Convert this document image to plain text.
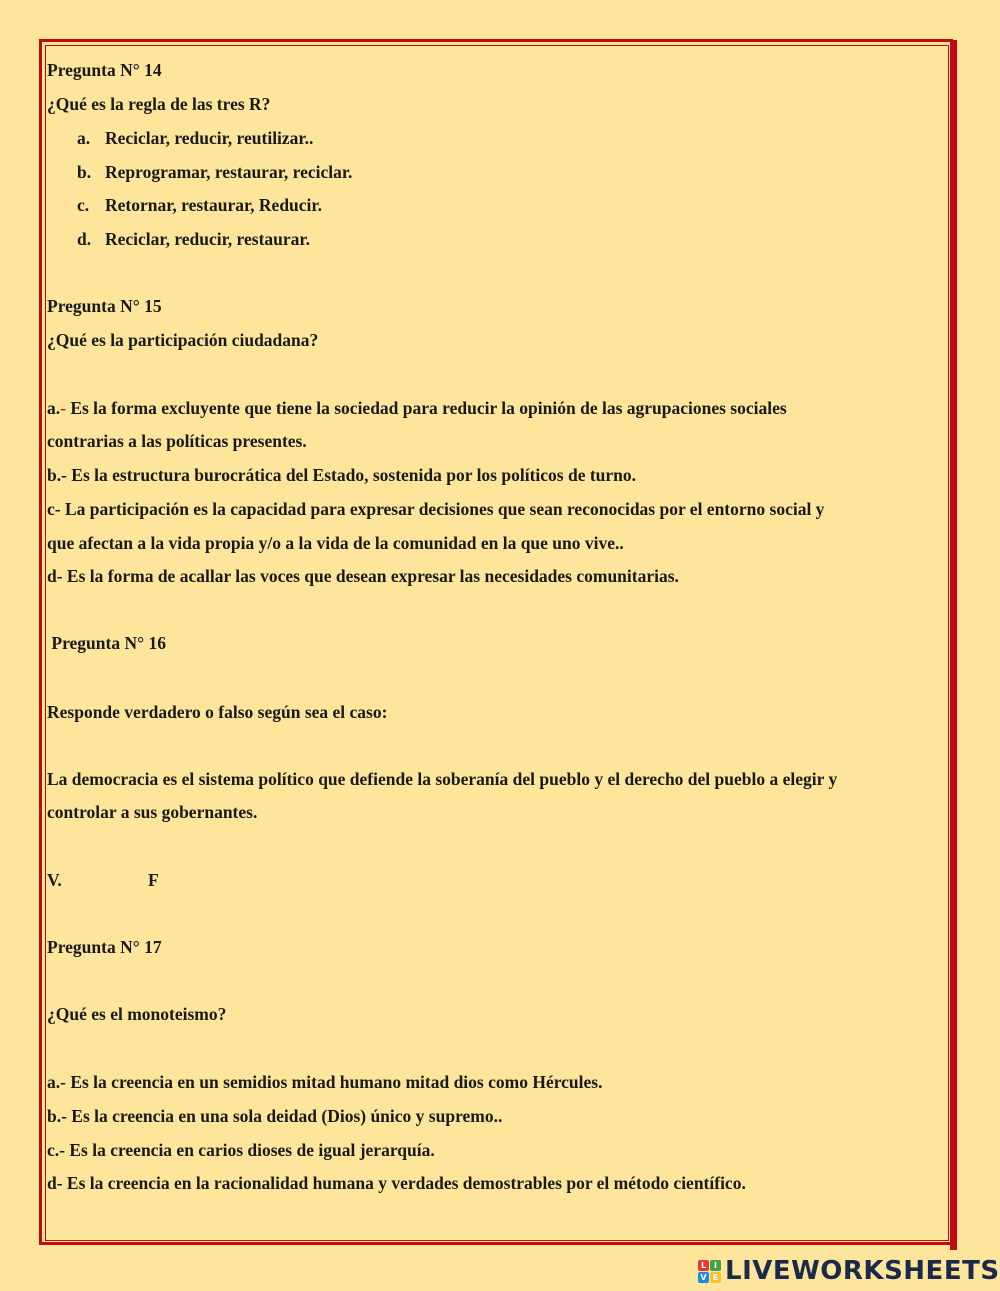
Pregunta N° 14
¿Qué es la regla de las tres R?
a. Reciclar, reducir, reutilizar..
b. Reprogramar, restaurar, reciclar.
c. Retornar, restaurar, Reducir.
d. Reciclar, reducir, restaurar.
Pregunta N° 15
¿Qué es la participación ciudadana?
a.- Es la forma excluyente que tiene la sociedad para reducir la opinión de las agrupaciones sociales
contrarias a las políticas presentes.
b.- Es la estructura burocrática del Estado, sostenida por los políticos de turno.
c- La participación es la capacidad para expresar decisiones que sean reconocidas por el entorno social y
que afectan a la vida propia y/o a la vida de la comunidad en la que uno vive..
d- Es la forma de acallar las voces que desean expresar las necesidades comunitarias.
Pregunta N° 16
Responde verdadero o falso según sea el caso:
La democracia es el sistema político que defiende la soberanía del pueblo y el derecho del pueblo a elegir y
controlar a sus gobernantes.
V.	F
Pregunta N° 17
¿Qué es el monoteismo?
a.- Es la creencia en un semidios mitad humano mitad dios como Hércules.
b.- Es la creencia en una sola deidad (Dios) único y supremo..
c.- Es la creencia en carios dioses de igual jerarquía.
d- Es la creencia en la racionalidad humana y verdades demostrables por el método científico.
L I
V E LIVEWORKSHEETS
